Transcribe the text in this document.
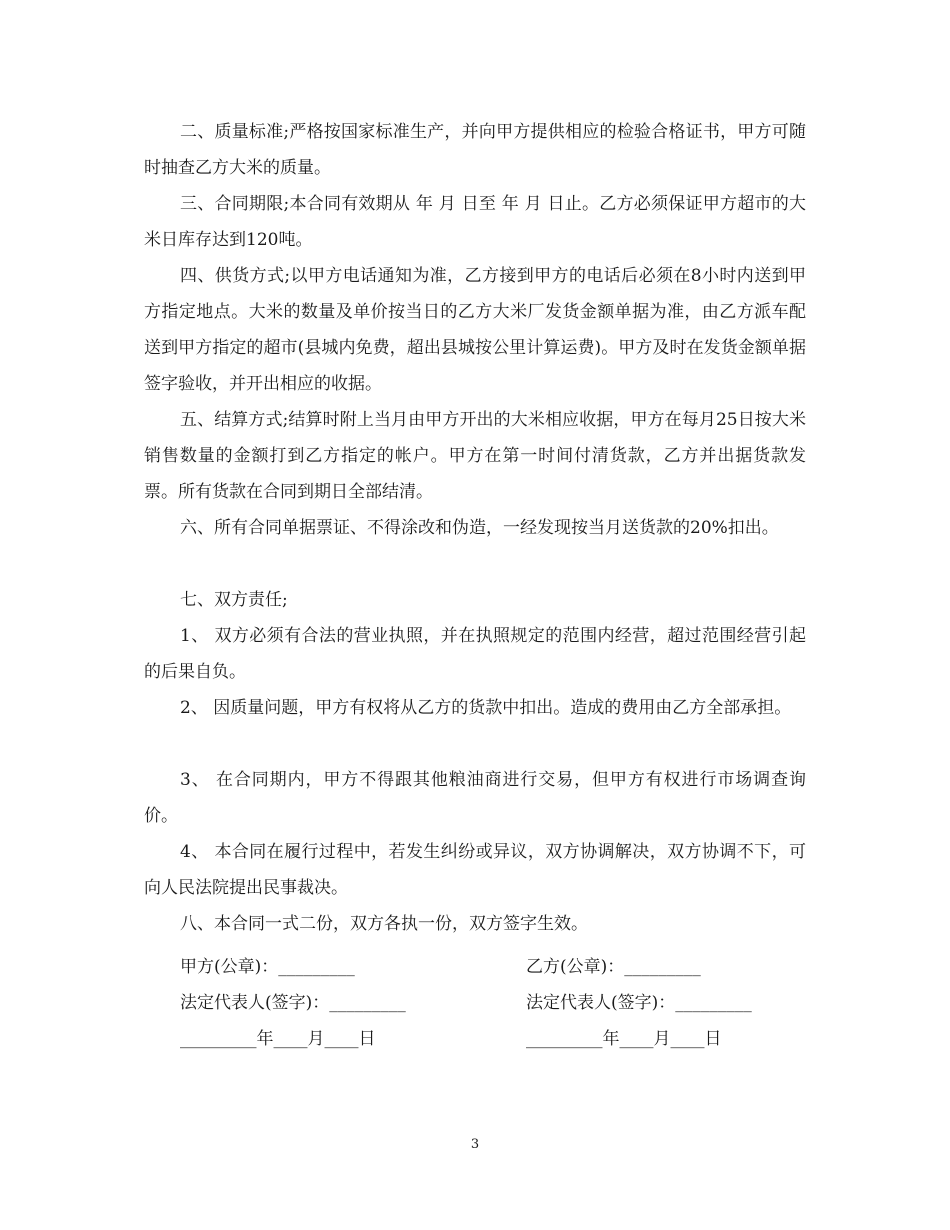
二、质量标准;严格按国家标准生产，并向甲方提供相应的检验合格证书，甲方可随时抽查乙方大米的质量。

三、合同期限;本合同有效期从 年 月 日至 年 月 日止。乙方必须保证甲方超市的大米日库存达到120吨。

四、供货方式;以甲方电话通知为准，乙方接到甲方的电话后必须在8小时内送到甲方指定地点。大米的数量及单价按当日的乙方大米厂发货金额单据为准，由乙方派车配送到甲方指定的超市(县城内免费，超出县城按公里计算运费)。甲方及时在发货金额单据签字验收，并开出相应的收据。

五、结算方式;结算时附上当月由甲方开出的大米相应收据，甲方在每月25日按大米销售数量的金额打到乙方指定的帐户。甲方在第一时间付清货款，乙方并出据货款发票。所有货款在合同到期日全部结清。

六、所有合同单据票证、不得涂改和伪造，一经发现按当月送货款的20%扣出。

七、双方责任;

1、 双方必须有合法的营业执照，并在执照规定的范围内经营，超过范围经营引起的后果自负。

2、 因质量问题，甲方有权将从乙方的货款中扣出。造成的费用由乙方全部承担。

3、 在合同期内，甲方不得跟其他粮油商进行交易，但甲方有权进行市场调查询价。

4、 本合同在履行过程中，若发生纠纷或异议，双方协调解决，双方协调不下，可向人民法院提出民事裁决。

八、本合同一式二份，双方各执一份，双方签字生效。

甲方(公章)：_________	乙方(公章)：_________
法定代表人(签字)：_________	法定代表人(签字)：_________
_________年____月____日	_________年____月____日
3
